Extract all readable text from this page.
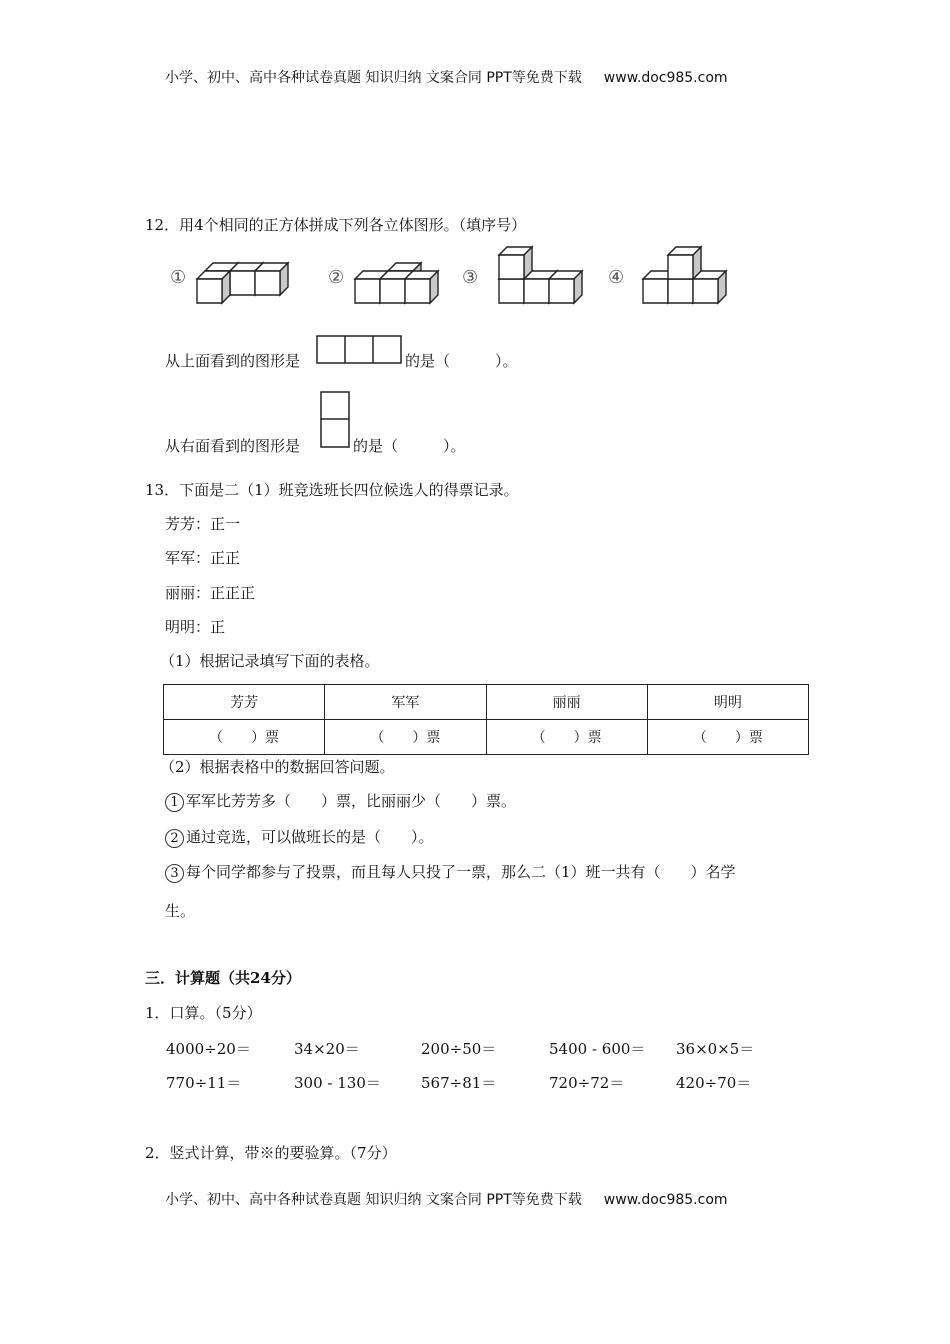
小学、初中、高中各种试卷真题 知识归纳 文案合同 PPT等免费下载 www.doc985.com
12．用4个相同的正方体拼成下列各立体图形。（填序号）
①	②	③	④
从上面看到的图形是	的是（　　　）。
从右面看到的图形是	的是（　　　）。
13．下面是二（1）班竞选班长四位候选人的得票记录。
芳芳：正一
军军：正正
丽丽：正正正
明明：正
（1）根据记录填写下面的表格。
芳芳	军军	丽丽	明明
（　　）票	（　　）票	（　　）票	（　　）票
（2）根据表格中的数据回答问题。
1 军军比芳芳多（　　）票，比丽丽少（　　）票。
2 通过竞选，可以做班长的是（　　）。
3 每个同学都参与了投票，而且每人只投了一票，那么二（1）班一共有（　　）名学
生。
三．计算题（共24分）
1．口算。（5分）
4000÷20＝	34×20＝	200÷50＝	5400 - 600＝ 36×0×5＝
770÷11＝	300 - 130＝	567÷81＝	720÷72＝	420÷70＝
2．竖式计算，带※的要验算。（7分）
小学、初中、高中各种试卷真题 知识归纳 文案合同 PPT等免费下载 www.doc985.com
